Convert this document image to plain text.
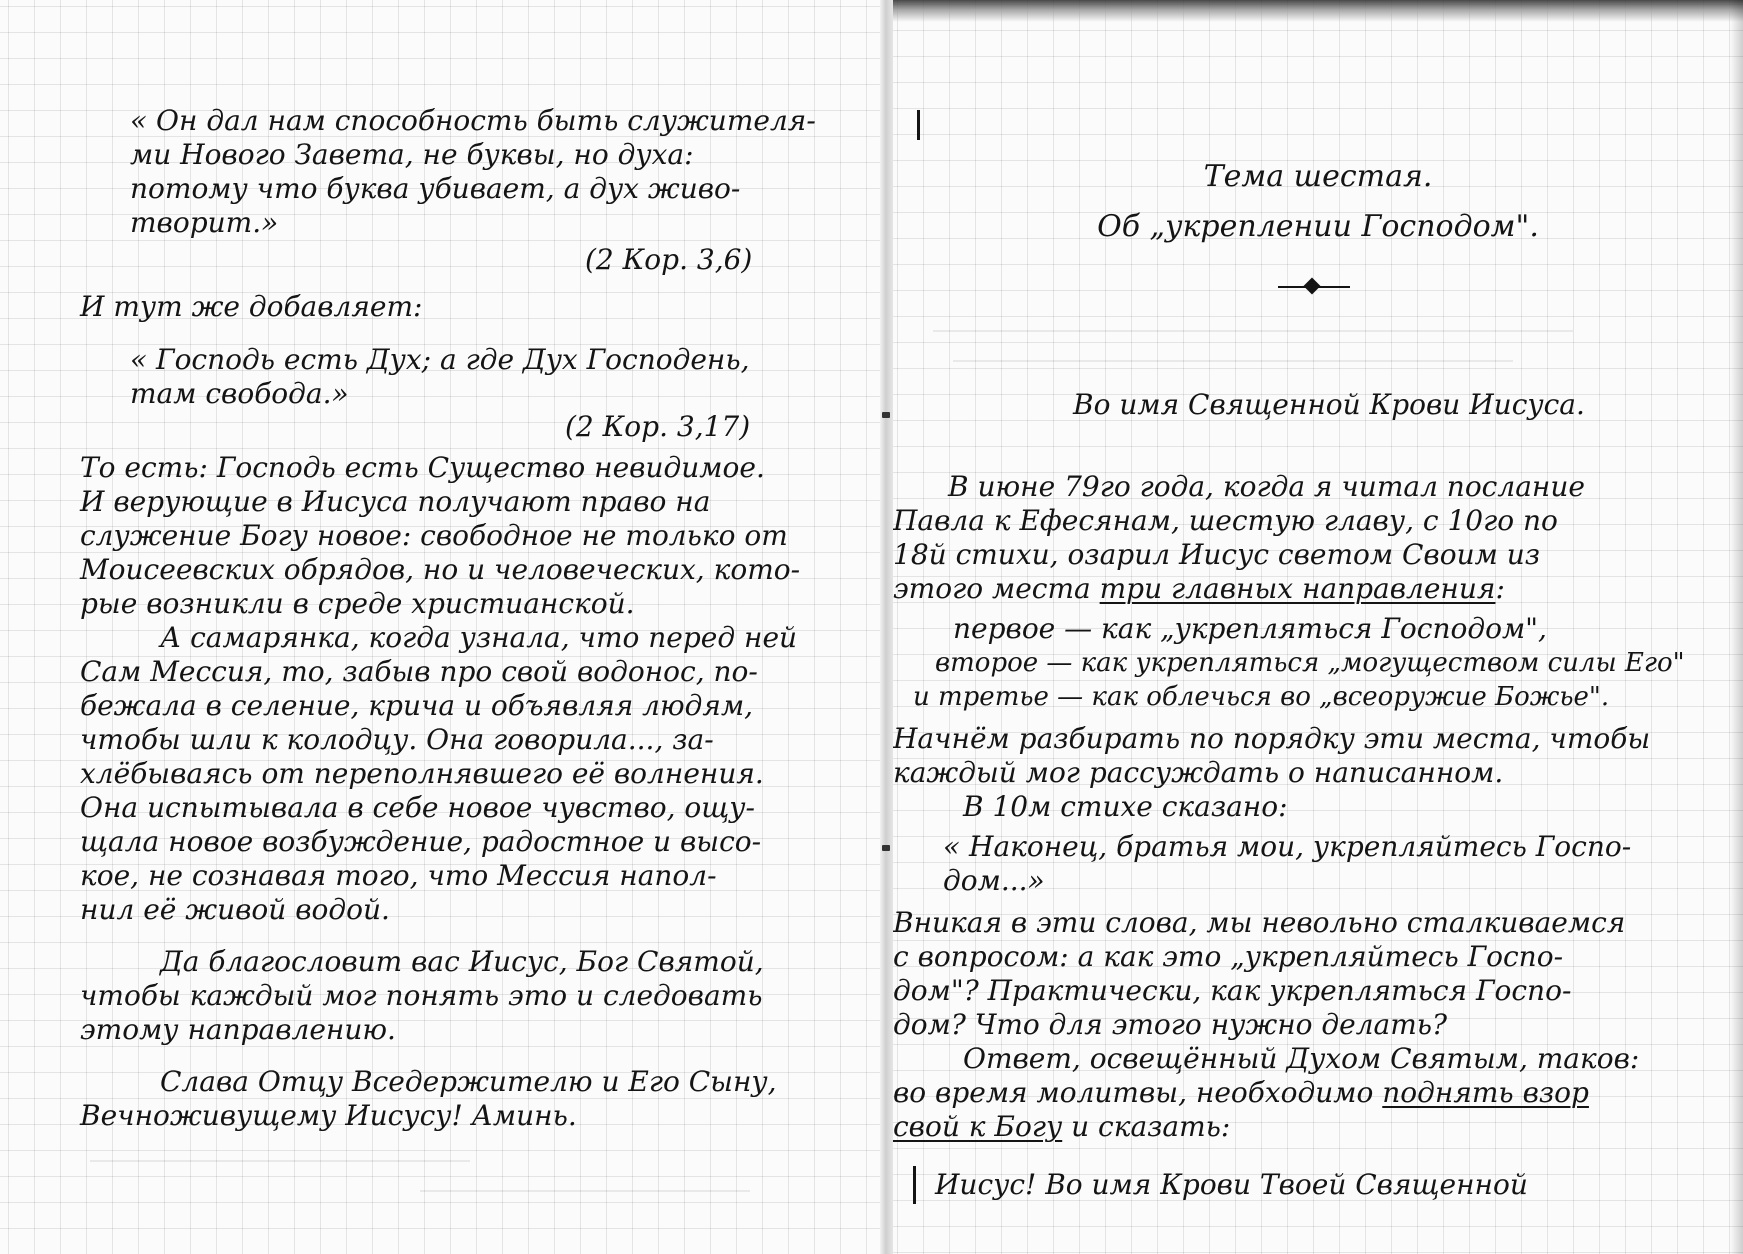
« Он дал нам способность быть служителя-
ми Нового Завета, не буквы, но духа:
потому что буква убивает, а дух живо-
творит.»
(2 Кор. 3,6)
И тут же добавляет:
« Господь есть Дух; а где Дух Господень,
там свобода.»
(2 Кор. 3,17)
То есть: Господь есть Существо невидимое.
И верующие в Иисуса получают право на
служение Богу новое: свободное не только от
Моисеевских обрядов, но и человеческих, кото-
рые возникли в среде христианской.
А самарянка, когда узнала, что перед ней
Сам Мессия, то, забыв про свой водонос, по-
бежала в селение, крича и объявляя людям,
чтобы шли к колодцу. Она говорила..., за-
хлёбываясь от переполнявшего её волнения.
Она испытывала в себе новое чувство, ощу-
щала новое возбуждение, радостное и высо-
кое, не сознавая того, что Мессия напол-
нил её живой водой.
Да благословит вас Иисус, Бог Святой,
чтобы каждый мог понять это и следовать
этому направлению.
Слава Отцу Вседержителю и Его Сыну,
Вечноживущему Иисусу! Аминь.
Тема шестая.
Об „укреплении Господом".
Во имя Священной Крови Иисуса.
В июне 79го года, когда я читал послание
Павла к Ефесянам, шестую главу, с 10го по
18й стихи, озарил Иисус светом Своим из
этого места три главных направления:
первое — как „укрепляться Господом",
второе — как укрепляться „могуществом силы Его"
и третье — как облечься во „всеоружие Божье".
Начнём разбирать по порядку эти места, чтобы
каждый мог рассуждать о написанном.
В 10м стихе сказано:
« Наконец, братья мои, укрепляйтесь Госпо-
дом...»
Вникая в эти слова, мы невольно сталкиваемся
с вопросом: а как это „укрепляйтесь Госпо-
дом"? Практически, как укрепляться Госпо-
дом? Что для этого нужно делать?
Ответ, освещённый Духом Святым, таков:
во время молитвы, необходимо поднять взор
свой к Богу и сказать:
Иисус! Во имя Крови Твоей Священной
